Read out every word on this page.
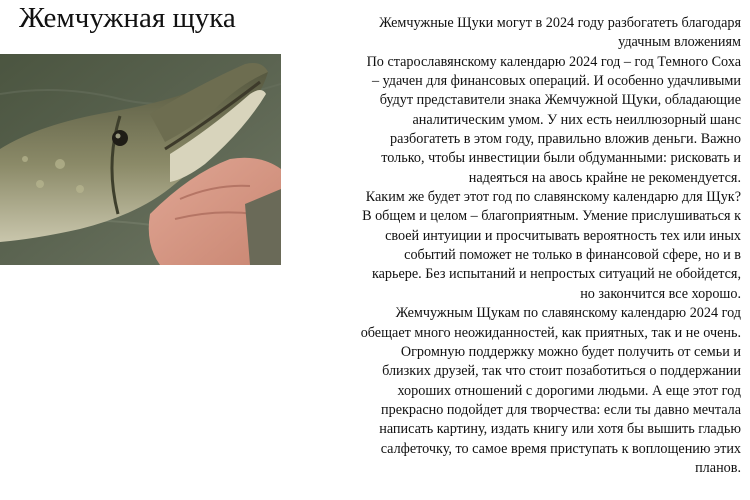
Жемчужная щука	Жемчужные Щуки могут в 2024 году разбогатеть благодаря

удачным вложениям

По старославянскому календарю 2024 год – год Темного Соха

– удачен для финансовых операций. И особенно удачливыми

будут представители знака Жемчужной Щуки, обладающие

аналитическим умом. У них есть неиллюзорный шанс

разбогатеть в этом году, правильно вложив деньги. Важно

только, чтобы инвестиции были обдуманными: рисковать и

надеяться на авось крайне не рекомендуется.

Каким же будет этот год по славянскому календарю для Щук?

В общем и целом – благоприятным. Умение прислушиваться к

своей интуиции и просчитывать вероятность тех или иных

событий поможет не только в финансовой сфере, но и в

карьере. Без испытаний и непростых ситуаций не обойдется,

но закончится все хорошо.

Жемчужным Щукам по славянскому календарю 2024 год

обещает много неожиданностей, как приятных, так и не очень.

Огромную поддержку можно будет получить от семьи и

близких друзей, так что стоит позаботиться о поддержании

хороших отношений с дорогими людьми. А еще этот год

прекрасно подойдет для творчества: если ты давно мечтала

написать картину, издать книгу или хотя бы вышить гладью

салфеточку, то самое время приступать к воплощению этих

планов.
